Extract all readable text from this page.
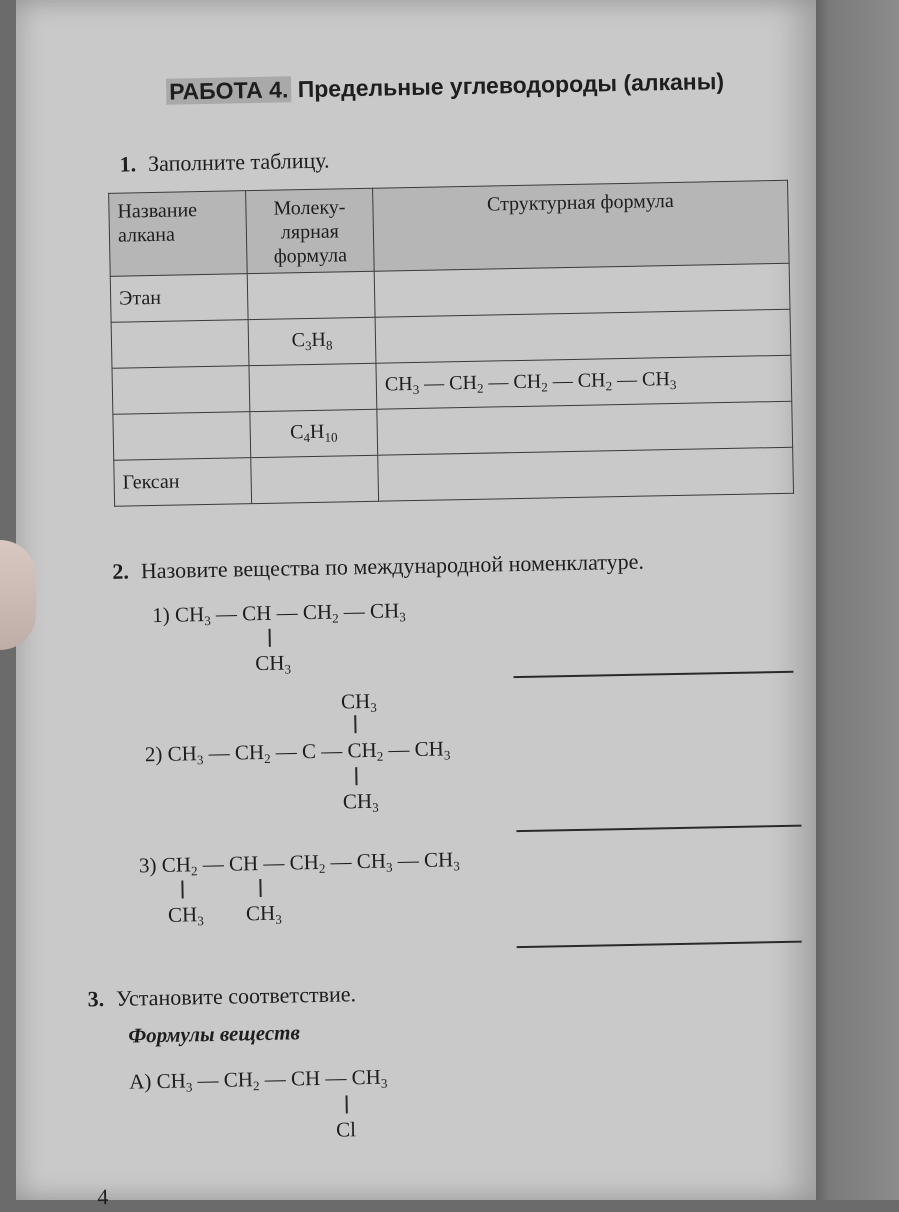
РАБОТА 4. Предельные углеводороды (алканы)
1. Заполните таблицу.
Название алкана	Молеку-лярная формула	Структурная формула
Этан		
	$C_3H_8$	
		$CH_3$ — $CH_2$ — $CH_2$ — $CH_2$ — $CH_3$
	$C_4H_{10}$	
Гексан		
2. Назовите вещества по международной номенклатуре.
1) $CH_3$ — CH — $CH_2$ — $CH_3$
$CH_3$
$CH_3$
2) $CH_3$ — $CH_2$ — C — $CH_2$ — $CH_3$
$CH_3$
3) $CH_2$ — CH — $CH_2$ — $CH_3$ — $CH_3$
$CH_3$ $CH_3$
3. Установите соответствие.
Формулы веществ
А) $CH_3$ — $CH_2$ — CH — $CH_3$
Cl
4
